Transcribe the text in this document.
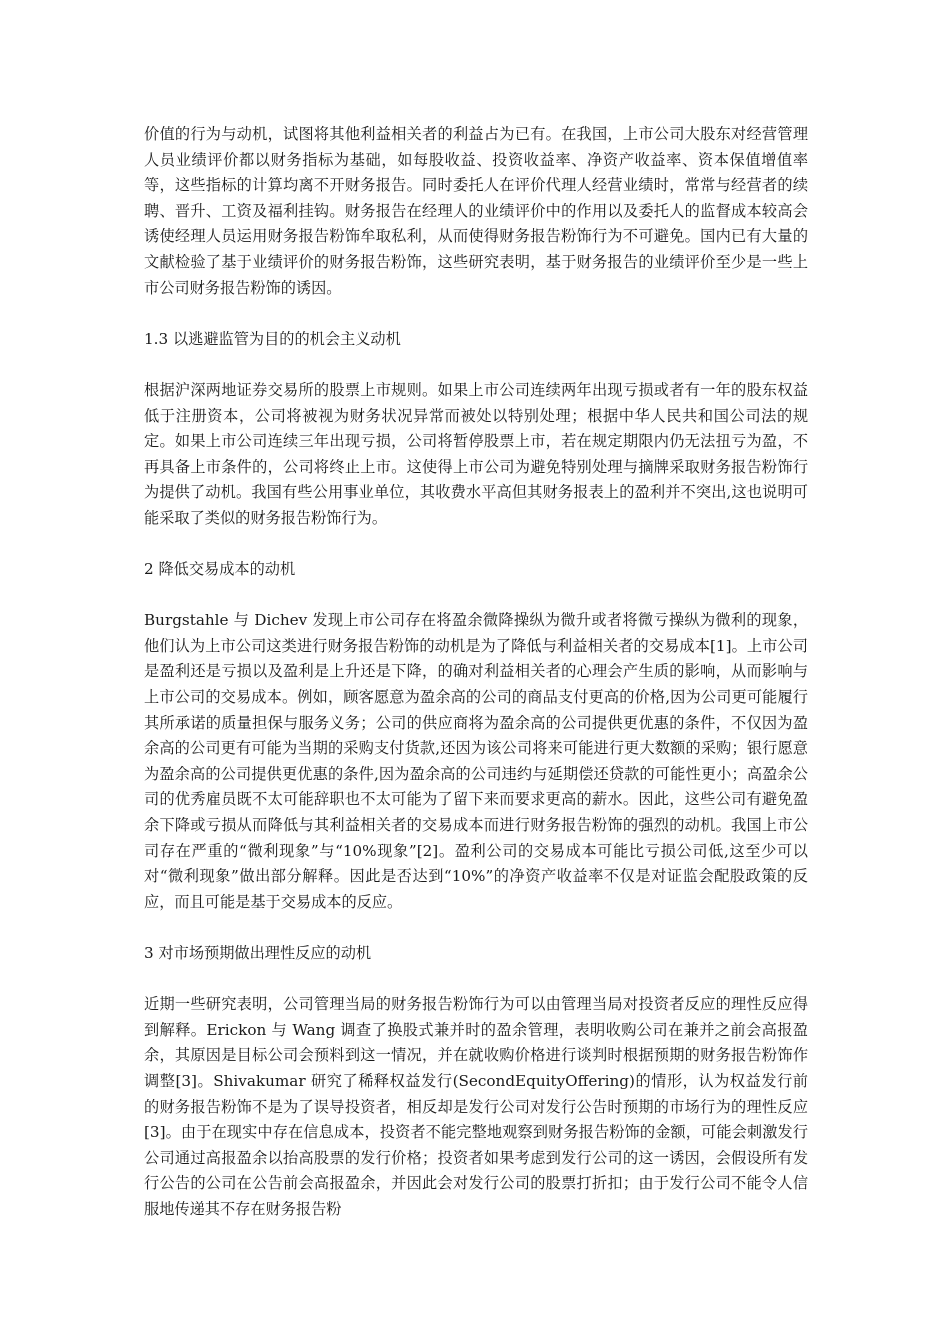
价值的行为与动机，试图将其他利益相关者的利益占为已有。在我国，上市公司大股东对经营管理人员业绩评价都以财务指标为基础，如每股收益、投资收益率、净资产收益率、资本保值增值率等，这些指标的计算均离不开财务报告。同时委托人在评价代理人经营业绩时，常常与经营者的续聘、晋升、工资及福利挂钩。财务报告在经理人的业绩评价中的作用以及委托人的监督成本较高会诱使经理人员运用财务报告粉饰牟取私利，从而使得财务报告粉饰行为不可避免。国内已有大量的文献检验了基于业绩评价的财务报告粉饰，这些研究表明，基于财务报告的业绩评价至少是一些上市公司财务报告粉饰的诱因。

1.3 以逃避监管为目的的机会主义动机

根据沪深两地证券交易所的股票上市规则。如果上市公司连续两年出现亏损或者有一年的股东权益低于注册资本，公司将被视为财务状况异常而被处以特别处理；根据中华人民共和国公司法的规定。如果上市公司连续三年出现亏损，公司将暂停股票上市，若在规定期限内仍无法扭亏为盈，不再具备上市条件的，公司将终止上市。这使得上市公司为避免特别处理与摘牌采取财务报告粉饰行为提供了动机。我国有些公用事业单位，其收费水平高但其财务报表上的盈利并不突出,这也说明可能采取了类似的财务报告粉饰行为。

2 降低交易成本的动机

Burgstahle 与 Dichev 发现上市公司存在将盈余微降操纵为微升或者将微亏操纵为微利的现象，他们认为上市公司这类进行财务报告粉饰的动机是为了降低与利益相关者的交易成本[1]。上市公司是盈利还是亏损以及盈利是上升还是下降，的确对利益相关者的心理会产生质的影响，从而影响与上市公司的交易成本。例如，顾客愿意为盈余高的公司的商品支付更高的价格,因为公司更可能履行其所承诺的质量担保与服务义务；公司的供应商将为盈余高的公司提供更优惠的条件，不仅因为盈余高的公司更有可能为当期的采购支付货款,还因为该公司将来可能进行更大数额的采购；银行愿意为盈余高的公司提供更优惠的条件,因为盈余高的公司违约与延期偿还贷款的可能性更小；高盈余公司的优秀雇员既不太可能辞职也不太可能为了留下来而要求更高的薪水。因此，这些公司有避免盈余下降或亏损从而降低与其利益相关者的交易成本而进行财务报告粉饰的强烈的动机。我国上市公司存在严重的“微利现象”与“10%现象”[2]。盈利公司的交易成本可能比亏损公司低,这至少可以对“微利现象”做出部分解释。因此是否达到“10%”的净资产收益率不仅是对证监会配股政策的反应，而且可能是基于交易成本的反应。

3 对市场预期做出理性反应的动机

近期一些研究表明，公司管理当局的财务报告粉饰行为可以由管理当局对投资者反应的理性反应得到解释。Erickon 与 Wang 调查了换股式兼并时的盈余管理，表明收购公司在兼并之前会高报盈余，其原因是目标公司会预料到这一情况，并在就收购价格进行谈判时根据预期的财务报告粉饰作调整[3]。Shivakumar 研究了稀释权益发行(SecondEquityOffering)的情形，认为权益发行前的财务报告粉饰不是为了误导投资者，相反却是发行公司对发行公告时预期的市场行为的理性反应[3]。由于在现实中存在信息成本，投资者不能完整地观察到财务报告粉饰的金额，可能会刺激发行公司通过高报盈余以抬高股票的发行价格；投资者如果考虑到发行公司的这一诱因，会假设所有发行公告的公司在公告前会高报盈余，并因此会对发行公司的股票打折扣；由于发行公司不能令人信服地传递其不存在财务报告粉
